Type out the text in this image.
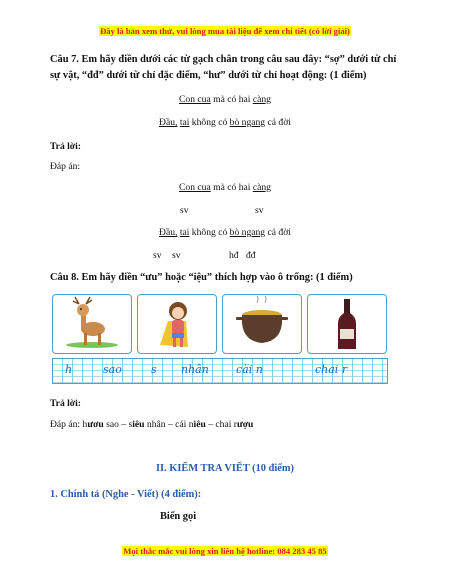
Đây là bản xem thử, vui lòng mua tài liệu để xem chi tiết (có lời giải)
Câu 7. Em hãy điền dưới các từ gạch chân trong câu sau đây: “sợ” dưới từ chỉ
sự vật, “đđ” dưới từ chỉ đặc điểm, “hư” dưới từ chỉ hoạt động: (1 điểm)
Con cua mà có hai càng
Đầu, tai không có bò ngang cả đời
Trả lời:
Đáp án:
Con cua mà có hai càng
sv	sv
Đầu, tai không có bò ngang cả đời
sv sv	hđ đđ
Câu 8. Em hãy điền “ưu” hoặc “iệu” thích hợp vào ô trống: (1 điểm)
h	sao	s nhân cài n	chai r
Trả lời:
Đáp án: hươu sao – siêu nhân – cái niêu – chai rượu
II. KIỂM TRA VIẾT (10 điểm)
1. Chính tả (Nghe - Viết) (4 điểm):
Biển gọi
Mọi thắc mắc vui lòng xin liên hệ hotline: 084 283 45 85
